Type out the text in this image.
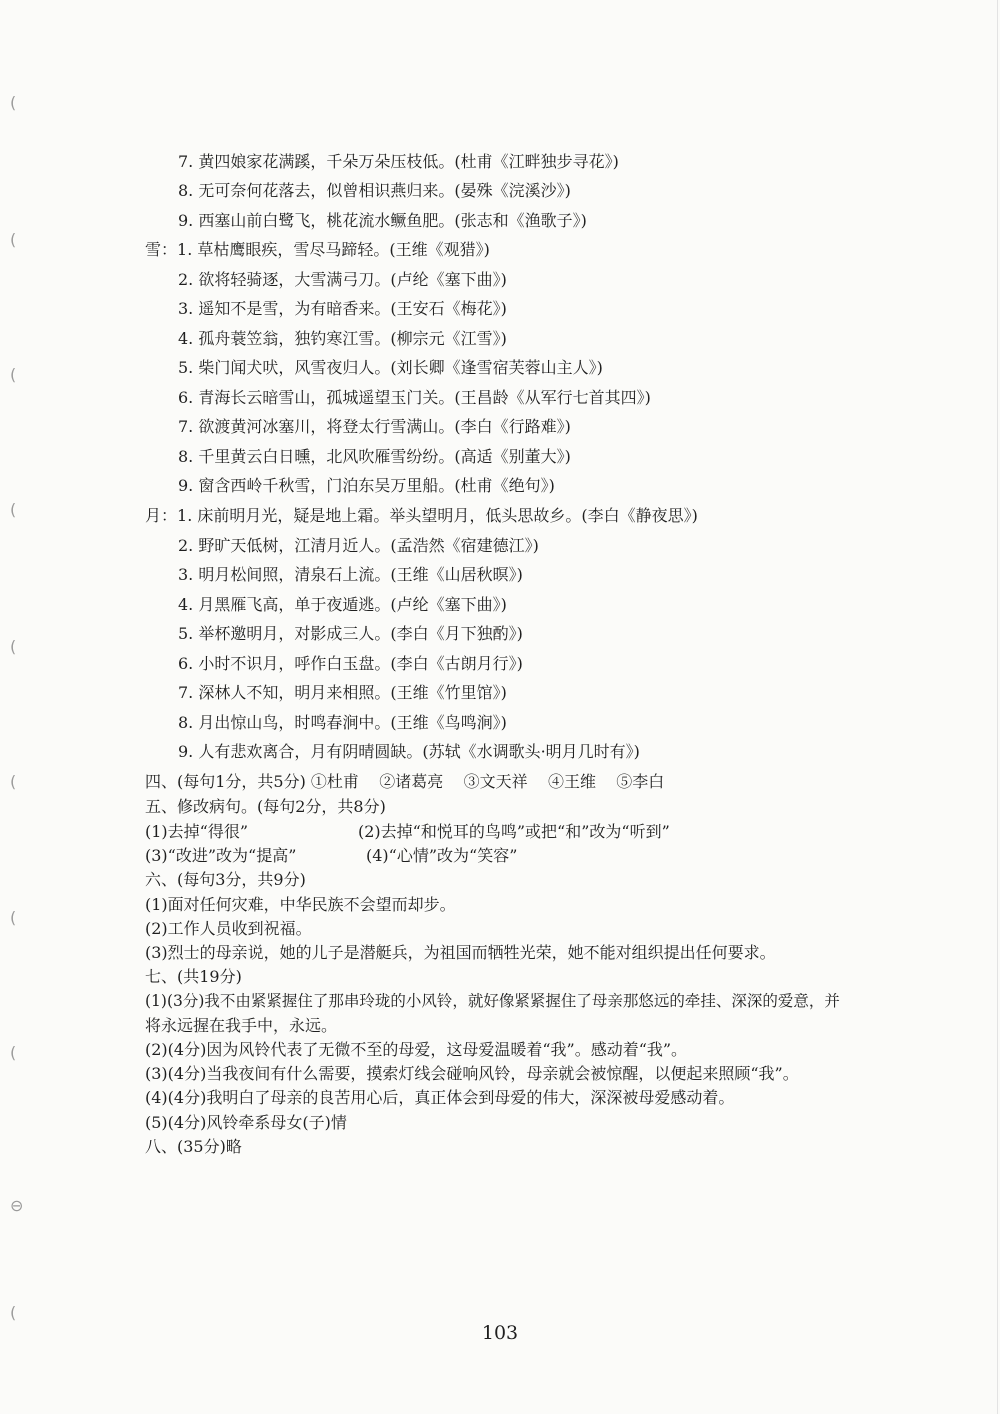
(
(
(
(
(
(
(
(
⊖
(
7. 黄四娘家花满蹊，千朵万朵压枝低。(杜甫《江畔独步寻花》)
8. 无可奈何花落去，似曾相识燕归来。(晏殊《浣溪沙》)
9. 西塞山前白鹭飞，桃花流水鳜鱼肥。(张志和《渔歌子》)
雪：1. 草枯鹰眼疾，雪尽马蹄轻。(王维《观猎》)
2. 欲将轻骑逐，大雪满弓刀。(卢纶《塞下曲》)
3. 遥知不是雪，为有暗香来。(王安石《梅花》)
4. 孤舟蓑笠翁，独钓寒江雪。(柳宗元《江雪》)
5. 柴门闻犬吠，风雪夜归人。(刘长卿《逢雪宿芙蓉山主人》)
6. 青海长云暗雪山，孤城遥望玉门关。(王昌龄《从军行七首其四》)
7. 欲渡黄河冰塞川，将登太行雪满山。(李白《行路难》)
8. 千里黄云白日曛，北风吹雁雪纷纷。(高适《别董大》)
9. 窗含西岭千秋雪，门泊东吴万里船。(杜甫《绝句》)
月：1. 床前明月光，疑是地上霜。举头望明月，低头思故乡。(李白《静夜思》)
2. 野旷天低树，江清月近人。(孟浩然《宿建德江》)
3. 明月松间照，清泉石上流。(王维《山居秋暝》)
4. 月黑雁飞高，单于夜遁逃。(卢纶《塞下曲》)
5. 举杯邀明月，对影成三人。(李白《月下独酌》)
6. 小时不识月，呼作白玉盘。(李白《古朗月行》)
7. 深林人不知，明月来相照。(王维《竹里馆》)
8. 月出惊山鸟，时鸣春涧中。(王维《鸟鸣涧》)
9. 人有悲欢离合，月有阴晴圆缺。(苏轼《水调歌头·明月几时有》)
四、(每句1分，共5分) ①杜甫    ②诸葛亮    ③文天祥    ④王维    ⑤李白
五、修改病句。(每句2分，共8分)
(1)去掉“得很”	(2)去掉“和悦耳的鸟鸣”或把“和”改为“听到”
(3)“改进”改为“提高”	(4)“心情”改为“笑容”
六、(每句3分，共9分)
(1)面对任何灾难，中华民族不会望而却步。
(2)工作人员收到祝福。
(3)烈士的母亲说，她的儿子是潜艇兵，为祖国而牺牲光荣，她不能对组织提出任何要求。
七、(共19分)
(1)(3分)我不由紧紧握住了那串玲珑的小风铃，就好像紧紧握住了母亲那悠远的牵挂、深深的爱意，并
将永远握在我手中，永远。
(2)(4分)因为风铃代表了无微不至的母爱，这母爱温暖着“我”。感动着“我”。
(3)(4分)当我夜间有什么需要，摸索灯线会碰响风铃，母亲就会被惊醒，以便起来照顾“我”。
(4)(4分)我明白了母亲的良苦用心后，真正体会到母爱的伟大，深深被母爱感动着。
(5)(4分)风铃牵系母女(子)情
八、(35分)略
103
